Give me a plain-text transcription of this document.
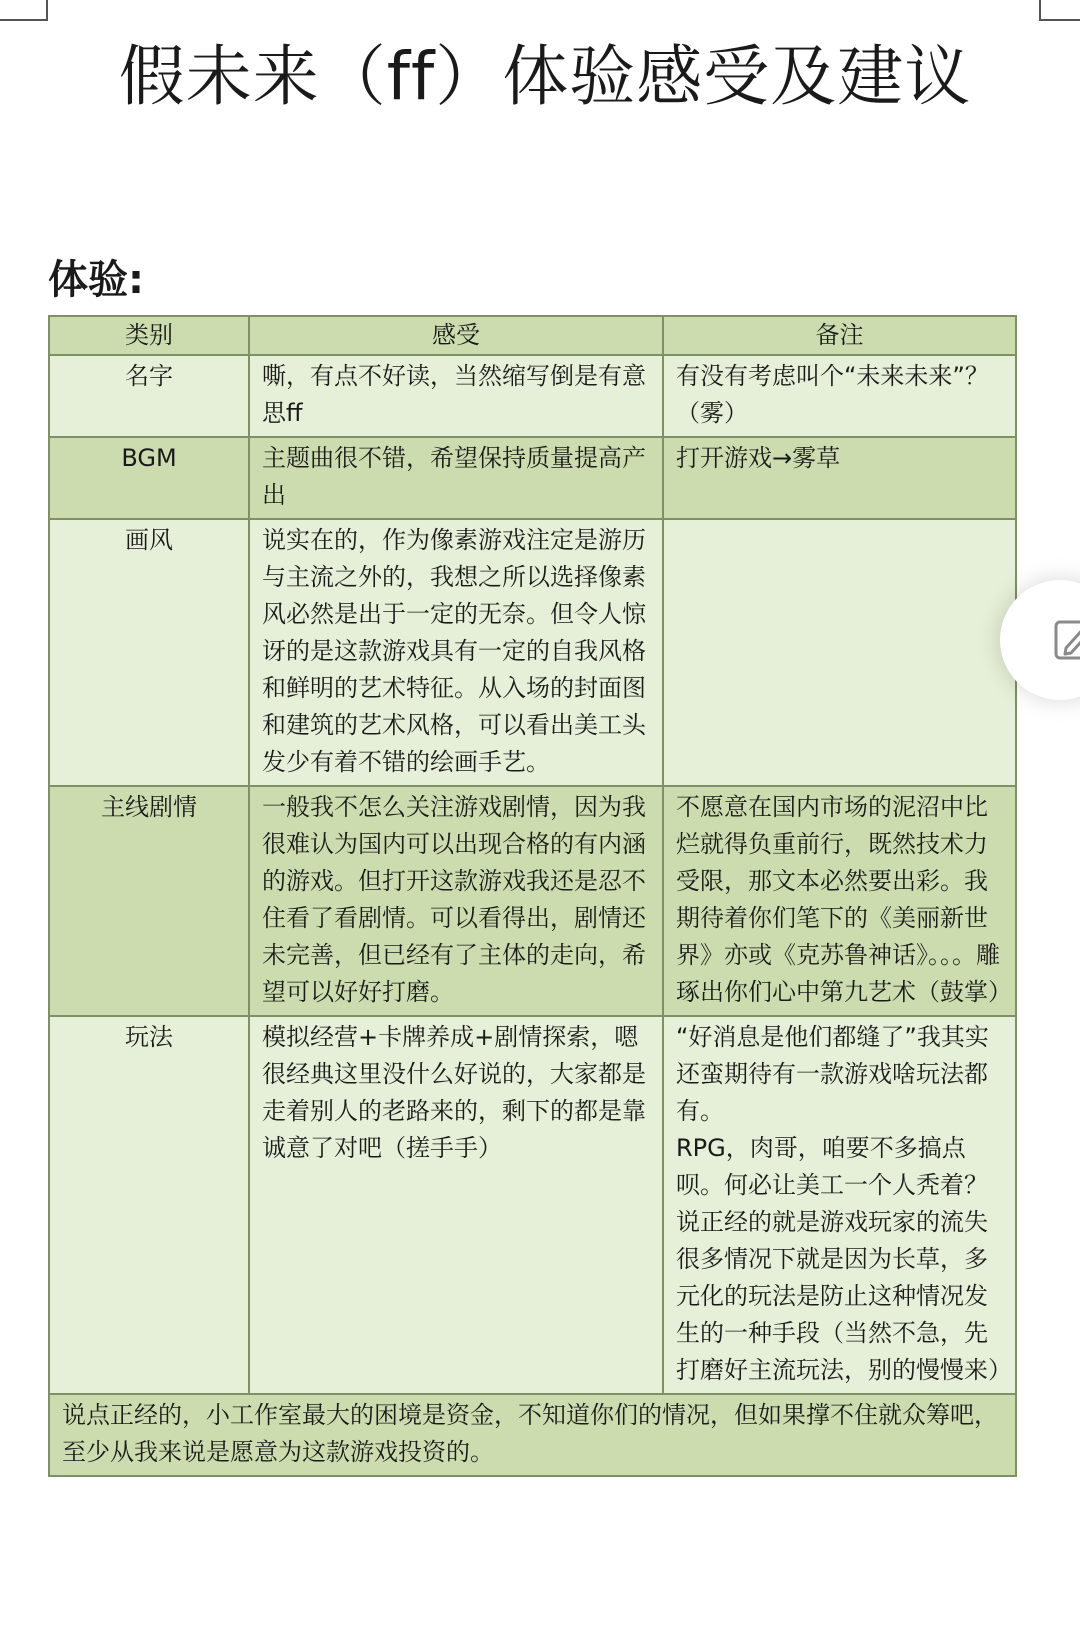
假未来（ff）体验感受及建议
体验:
类别	感受	备注
名字	嘶，有点不好读，当然缩写倒是有意思ff	有没有考虑叫个“未来未来”？（雾）

BGM	主题曲很不错，希望保持质量提高产出	打开游戏→雾草

画风	说实在的，作为像素游戏注定是游历与主流之外的，我想之所以选择像素风必然是出于一定的无奈。但令人惊讶的是这款游戏具有一定的自我风格和鲜明的艺术特征。从入场的封面图和建筑的艺术风格，可以看出美工头发少有着不错的绘画手艺。	

主线剧情	一般我不怎么关注游戏剧情，因为我很难认为国内可以出现合格的有内涵的游戏。但打开这款游戏我还是忍不住看了看剧情。可以看得出，剧情还未完善，但已经有了主体的走向，希望可以好好打磨。	不愿意在国内市场的泥沼中比烂就得负重前行，既然技术力受限，那文本必然要出彩。我期待着你们笔下的《美丽新世界》亦或《克苏鲁神话》。。。雕琢出你们心中第九艺术（鼓掌）

玩法	模拟经营+卡牌养成+剧情探索，嗯很经典这里没什么好说的，大家都是走着别人的老路来的，剩下的都是靠诚意了对吧（搓手手）	“好消息是他们都缝了”我其实还蛮期待有一款游戏啥玩法都有。
RPG，肉哥，咱要不多搞点呗。何必让美工一个人秃着？说正经的就是游戏玩家的流失很多情况下就是因为长草，多元化的玩法是防止这种情况发生的一种手段（当然不急，先打磨好主流玩法，别的慢慢来）

说点正经的，小工作室最大的困境是资金，不知道你们的情况，但如果撑不住就众筹吧，至少从我来说是愿意为这款游戏投资的。		
